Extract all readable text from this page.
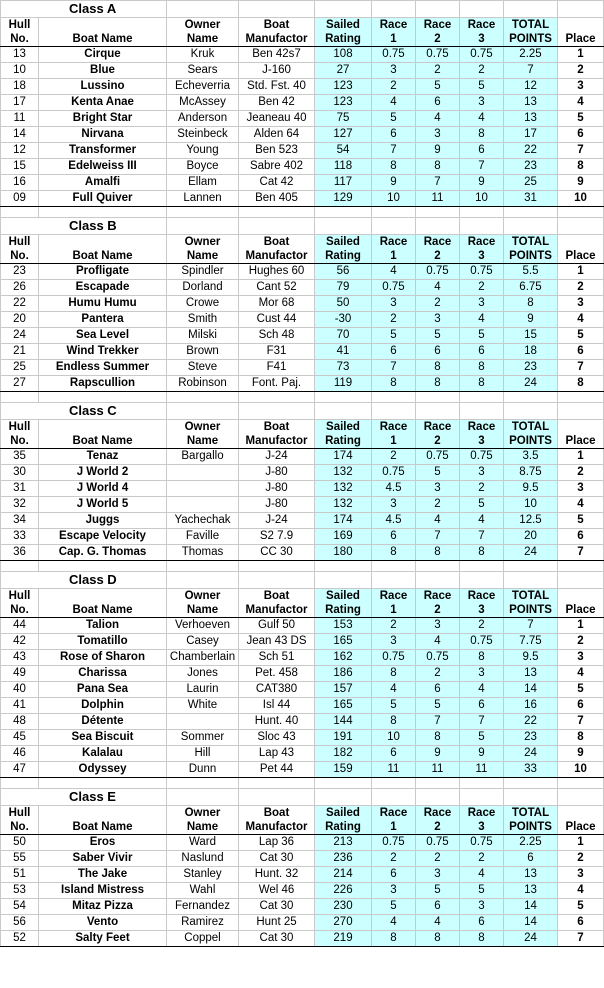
Class A									
Hull		Owner	Boat	Sailed	Race	Race	Race	TOTAL	
No.	Boat Name	Name	Manufactor	Rating	1	2	3	POINTS	Place
13	Cirque	Kruk	Ben 42s7	108	0.75	0.75	0.75	2.25	1
10	Blue	Sears	J-160	27	3	2	2	7	2
18	Lussino	Echeverria	Std. Fst. 40	123	2	5	5	12	3
17	Kenta Anae	McAssey	Ben 42	123	4	6	3	13	4
11	Bright Star	Anderson	Jeaneau 40	75	5	4	4	13	5
14	Nirvana	Steinbeck	Alden 64	127	6	3	8	17	6
12	Transformer	Young	Ben 523	54	7	9	6	22	7
15	Edelweiss III	Boyce	Sabre 402	118	8	8	7	23	8
16	Amalfi	Ellam	Cat 42	117	9	7	9	25	9
09	Full Quiver	Lannen	Ben 405	129	10	11	10	31	10

Class B									
Hull		Owner	Boat	Sailed	Race	Race	Race	TOTAL	
No.	Boat Name	Name	Manufactor	Rating	1	2	3	POINTS	Place
23	Profligate	Spindler	Hughes 60	56	4	0.75	0.75	5.5	1
26	Escapade	Dorland	Cant 52	79	0.75	4	2	6.75	2
22	Humu Humu	Crowe	Mor 68	50	3	2	3	8	3
20	Pantera	Smith	Cust 44	-30	2	3	4	9	4
24	Sea Level	Milski	Sch 48	70	5	5	5	15	5
21	Wind Trekker	Brown	F31	41	6	6	6	18	6
25	Endless Summer	Steve	F41	73	7	8	8	23	7
27	Rapscullion	Robinson	Font. Paj.	119	8	8	8	24	8

Class C									
Hull		Owner	Boat	Sailed	Race	Race	Race	TOTAL	
No.	Boat Name	Name	Manufactor	Rating	1	2	3	POINTS	Place
35	Tenaz	Bargallo	J-24	174	2	0.75	0.75	3.5	1
30	J World 2		J-80	132	0.75	5	3	8.75	2
31	J World 4		J-80	132	4.5	3	2	9.5	3
32	J World 5		J-80	132	3	2	5	10	4
34	Juggs	Yachechak	J-24	174	4.5	4	4	12.5	5
33	Escape Velocity	Faville	S2 7.9	169	6	7	7	20	6
36	Cap. G. Thomas	Thomas	CC 30	180	8	8	8	24	7

Class D									
Hull		Owner	Boat	Sailed	Race	Race	Race	TOTAL	
No.	Boat Name	Name	Manufactor	Rating	1	2	3	POINTS	Place
44	Talion	Verhoeven	Gulf 50	153	2	3	2	7	1
42	Tomatillo	Casey	Jean 43 DS	165	3	4	0.75	7.75	2
43	Rose of Sharon	Chamberlain	Sch 51	162	0.75	0.75	8	9.5	3
49	Charissa	Jones	Pet. 458	186	8	2	3	13	4
40	Pana Sea	Laurin	CAT380	157	4	6	4	14	5
41	Dolphin	White	Isl 44	165	5	5	6	16	6
48	Détente		Hunt. 40	144	8	7	7	22	7
45	Sea Biscuit	Sommer	Sloc 43	191	10	8	5	23	8
46	Kalalau	Hill	Lap 43	182	6	9	9	24	9
47	Odyssey	Dunn	Pet 44	159	11	11	11	33	10

Class E									
Hull		Owner	Boat	Sailed	Race	Race	Race	TOTAL	
No.	Boat Name	Name	Manufactor	Rating	1	2	3	POINTS	Place
50	Eros	Ward	Lap 36	213	0.75	0.75	0.75	2.25	1
55	Saber Vivir	Naslund	Cat 30	236	2	2	2	6	2
51	The Jake	Stanley	Hunt. 32	214	6	3	4	13	3
53	Island Mistress	Wahl	Wel 46	226	3	5	5	13	4
54	Mitaz Pizza	Fernandez	Cat 30	230	5	6	3	14	5
56	Vento	Ramirez	Hunt 25	270	4	4	6	14	6
52	Salty Feet	Coppel	Cat 30	219	8	8	8	24	7
